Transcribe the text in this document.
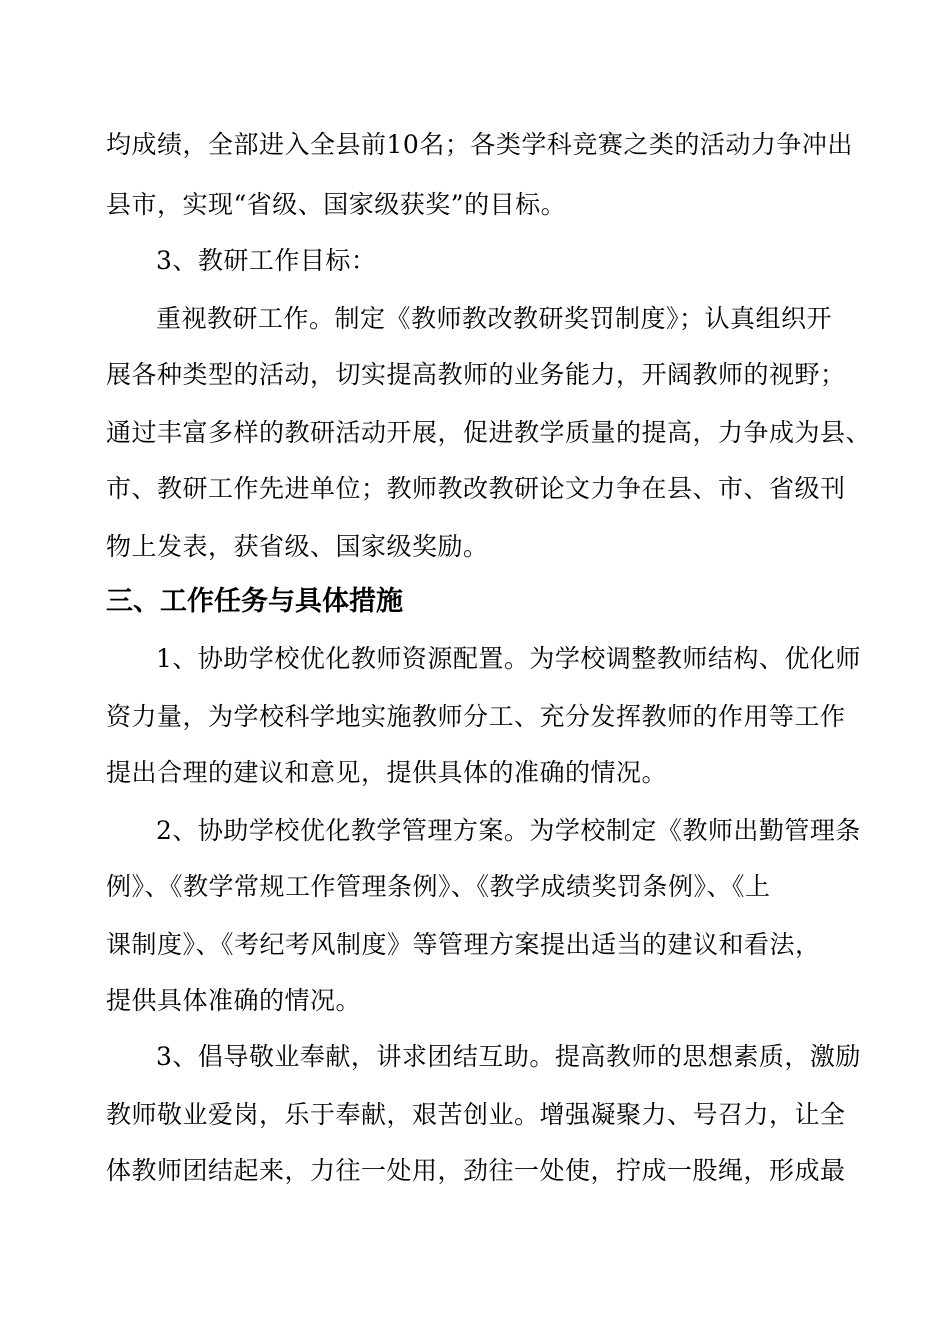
均成绩，全部进入全县前10名；各类学科竞赛之类的活动力争冲出
县市，实现“省级、国家级获奖”的目标。
3、教研工作目标：
重视教研工作。制定《教师教改教研奖罚制度》；认真组织开
展各种类型的活动，切实提高教师的业务能力，开阔教师的视野；
通过丰富多样的教研活动开展，促进教学质量的提高，力争成为县、
市、教研工作先进单位；教师教改教研论文力争在县、市、省级刊
物上发表，获省级、国家级奖励。
三、工作任务与具体措施
1、协助学校优化教师资源配置。为学校调整教师结构、优化师
资力量，为学校科学地实施教师分工、充分发挥教师的作用等工作
提出合理的建议和意见，提供具体的准确的情况。
2、协助学校优化教学管理方案。为学校制定《教师出勤管理条
例》、《教学常规工作管理条例》、《教学成绩奖罚条例》、《上
课制度》、《考纪考风制度》等管理方案提出适当的建议和看法，
提供具体准确的情况。
3、倡导敬业奉献，讲求团结互助。提高教师的思想素质，激励
教师敬业爱岗，乐于奉献，艰苦创业。增强凝聚力、号召力，让全
体教师团结起来，力往一处用，劲往一处使，拧成一股绳，形成最
